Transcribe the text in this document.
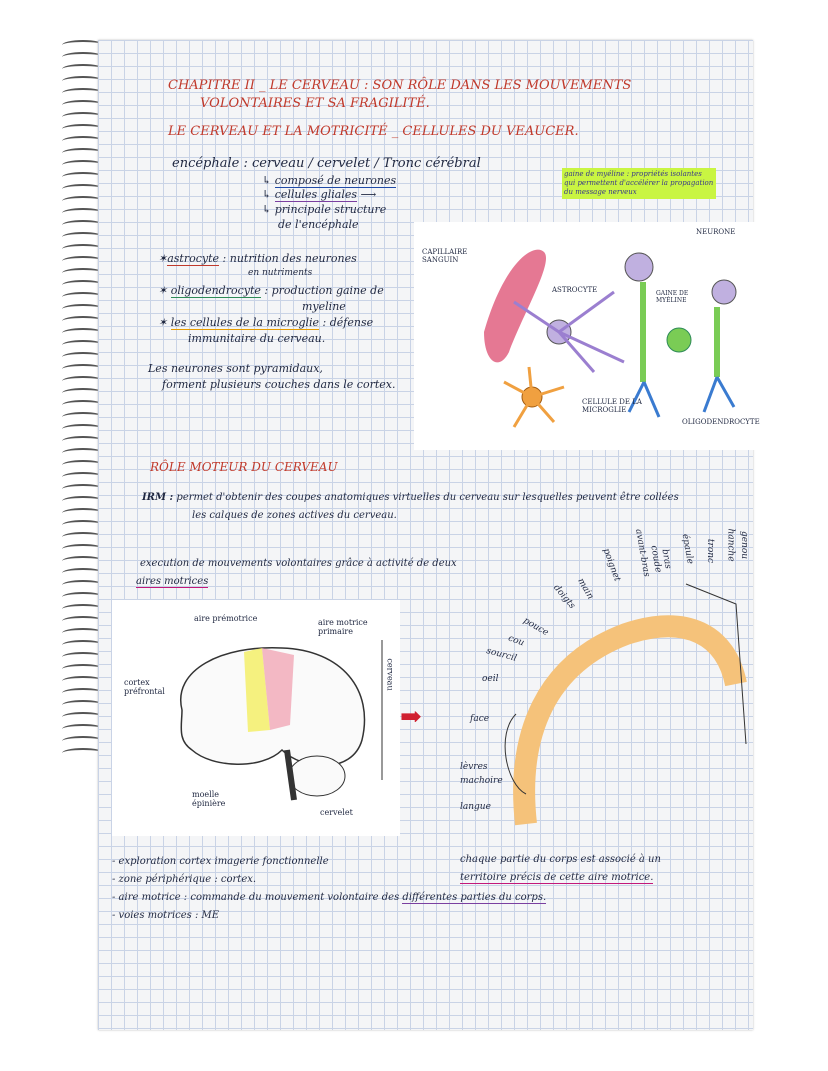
CHAPITRE II _ LE CERVEAU : SON RÔLE DANS LES MOUVEMENTS
VOLONTAIRES ET SA FRAGILITÉ.
LE CERVEAU ET LA MOTRICITÉ _ CELLULES DU VEAUCER.
encéphale : cerveau / cervelet / Tronc cérébral
↳ composé de neurones
↳ cellules gliales ⟶
↳ principale structure
de l'encéphale
gaine de myéline : propriétés isolantes qui permettent d'accélérer la propagation du message nerveux
✶astrocyte : nutrition des neurones
en nutriments
✶ oligodendrocyte : production gaine de
myeline
✶ les cellules de la microglie : défense
immunitaire du cerveau.
Les neurones sont pyramidaux,
forment plusieurs couches dans le cortex.
CAPILLAIRE SANGUIN
ASTROCYTE
NEURONE
GAINE DE MYÉLINE
CELLULE DE LA MICROGLIE
OLIGODENDROCYTE
RÔLE MOTEUR DU CERVEAU
IRM : permet d'obtenir des coupes anatomiques virtuelles du cerveau sur lesquelles peuvent être collées
les calques de zones actives du cerveau.
execution de mouvements volontaires grâce à activité de deux
aires motrices
aire prémotrice	aire motrice primaire
cortex préfrontal
cerveau
moelle épinière
cervelet
➡
genou
hanche
tronc
épaule
bras
coude
avant-bras
poignet
main
doigts
pouce
cou
sourcil
oeil
face
lèvres
machoire
langue
- exploration cortex imagerie fonctionnelle
- zone périphérique : cortex.
- aire motrice : commande du mouvement volontaire des différentes parties du corps.
- voies motrices : ME
chaque partie du corps est associé à un
territoire précis de cette aire motrice.
